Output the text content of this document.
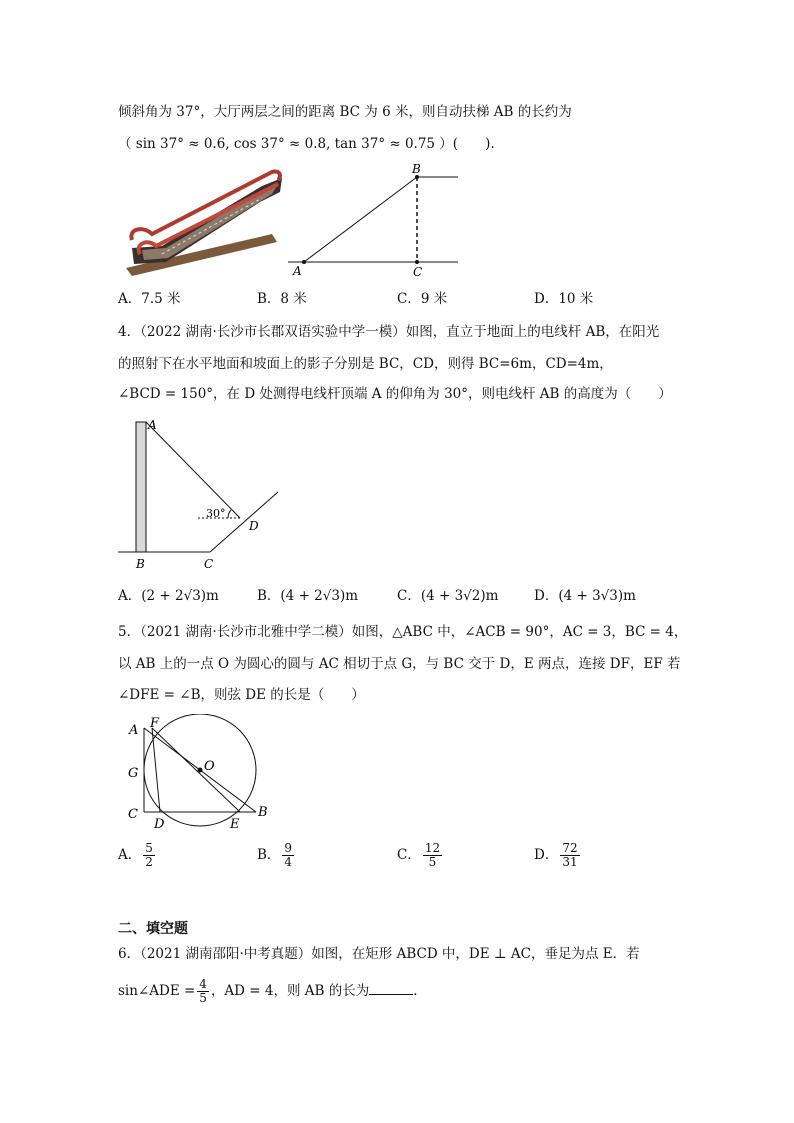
倾斜角为 37°，大厅两层之间的距离 BC 为 6 米，则自动扶梯 AB 的长约为
（ sin 37° ≈ 0.6, cos 37° ≈ 0.8, tan 37° ≈ 0.75 ）(　　).
A
B
C
A．7.5 米	B．8 米	C．9 米	D．10 米
4．（2022 湖南·长沙市长郡双语实验中学一模）如图，直立于地面上的电线杆 AB，在阳光
的照射下在水平地面和坡面上的影子分别是 BC，CD，则得 BC=6m，CD=4m，
∠BCD = 150°，在 D 处测得电线杆顶端 A 的仰角为 30°，则电线杆 AB 的高度为（　　）
A
B	C
D
30°
A．(2 + 2√3)m	B．(4 + 2√3)m	C．(4 + 3√2)m	D．(4 + 3√3)m
5．（2021 湖南·长沙市北雅中学二模）如图，△ABC 中，∠ACB = 90°，AC = 3，BC = 4，
以 AB 上的一点 O 为圆心的圆与 AC 相切于点 G，与 BC 交于 D，E 两点，连接 DF，EF 若
∠DFE = ∠B，则弦 DE 的长是（　　）
A F
G	O
C
D	E
B
A． $\frac{5}{2}$	B． $\frac{9}{4}$	C． $\frac{12}{5}$	D． $\frac{72}{31}$
二、填空题
6．（2021 湖南邵阳·中考真题）如图，在矩形 ABCD 中，DE ⊥ AC，垂足为点 E．若
sin∠ADE = $\frac{4}{5}$ ，AD = 4，则 AB 的长为	．
